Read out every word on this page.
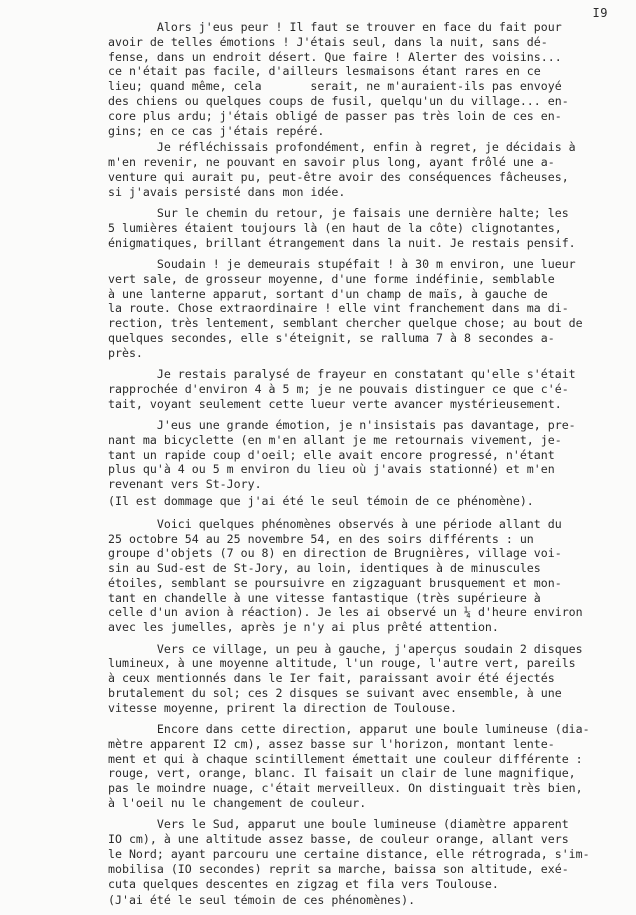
I9
Alors j'eus peur ! Il faut se trouver en face du fait pour
avoir de telles émotions ! J'étais seul, dans la nuit, sans dé-
fense, dans un endroit désert. Que faire ! Alerter des voisins...
ce n'était pas facile, d'ailleurs lesmaisons étant rares en ce
lieu; quand même, cela       serait, ne m'auraient-ils pas envoyé
des chiens ou quelques coups de fusil, quelqu'un du village... en-
core plus ardu; j'étais obligé de passer pas très loin de ces en-
gins; en ce cas j'étais repéré.
Je réfléchissais profondément, enfin à regret, je décidais à
m'en revenir, ne pouvant en savoir plus long, ayant frôlé une a-
venture qui aurait pu, peut-être avoir des conséquences fâcheuses,
si j'avais persisté dans mon idée.
Sur le chemin du retour, je faisais une dernière halte; les
5 lumières étaient toujours là (en haut de la côte) clignotantes,
énigmatiques, brillant étrangement dans la nuit. Je restais pensif.
Soudain ! je demeurais stupéfait ! à 30 m environ, une lueur
vert sale, de grosseur moyenne, d'une forme indéfinie, semblable
à une lanterne apparut, sortant d'un champ de maïs, à gauche de
la route. Chose extraordinaire ! elle vint franchement dans ma di-
rection, très lentement, semblant chercher quelque chose; au bout de
quelques secondes, elle s'éteignit, se ralluma 7 à 8 secondes a-
près.
Je restais paralysé de frayeur en constatant qu'elle s'était
rapprochée d'environ 4 à 5 m; je ne pouvais distinguer ce que c'é-
tait, voyant seulement cette lueur verte avancer mystérieusement.
J'eus une grande émotion, je n'insistais pas davantage, pre-
nant ma bicyclette (en m'en allant je me retournais vivement, je-
tant un rapide coup d'oeil; elle avait encore progressé, n'étant
plus qu'à 4 ou 5 m environ du lieu où j'avais stationné) et m'en
revenant vers St-Jory.
(Il est dommage que j'ai été le seul témoin de ce phénomène).
Voici quelques phénomènes observés à une période allant du
25 octobre 54 au 25 novembre 54, en des soirs différents : un
groupe d'objets (7 ou 8) en direction de Brugnières, village voi-
sin au Sud-est de St-Jory, au loin, identiques à de minuscules
étoiles, semblant se poursuivre en zigzaguant brusquement et mon-
tant en chandelle à une vitesse fantastique (très supérieure à
celle d'un avion à réaction). Je les ai observé un ¼ d'heure environ
avec les jumelles, après je n'y ai plus prêté attention.
Vers ce village, un peu à gauche, j'aperçus soudain 2 disques
lumineux, à une moyenne altitude, l'un rouge, l'autre vert, pareils
à ceux mentionnés dans le Ier fait, paraissant avoir été éjectés
brutalement du sol; ces 2 disques se suivant avec ensemble, à une
vitesse moyenne, prirent la direction de Toulouse.
Encore dans cette direction, apparut une boule lumineuse (dia-
mètre apparent I2 cm), assez basse sur l'horizon, montant lente-
ment et qui à chaque scintillement émettait une couleur différente :
rouge, vert, orange, blanc. Il faisait un clair de lune magnifique,
pas le moindre nuage, c'était merveilleux. On distinguait très bien,
à l'oeil nu le changement de couleur.
Vers le Sud, apparut une boule lumineuse (diamètre apparent
IO cm), à une altitude assez basse, de couleur orange, allant vers
le Nord; ayant parcouru une certaine distance, elle rétrograda, s'im-
mobilisa (IO secondes) reprit sa marche, baissa son altitude, exé-
cuta quelques descentes en zigzag et fila vers Toulouse.
(J'ai été le seul témoin de ces phénomènes).
